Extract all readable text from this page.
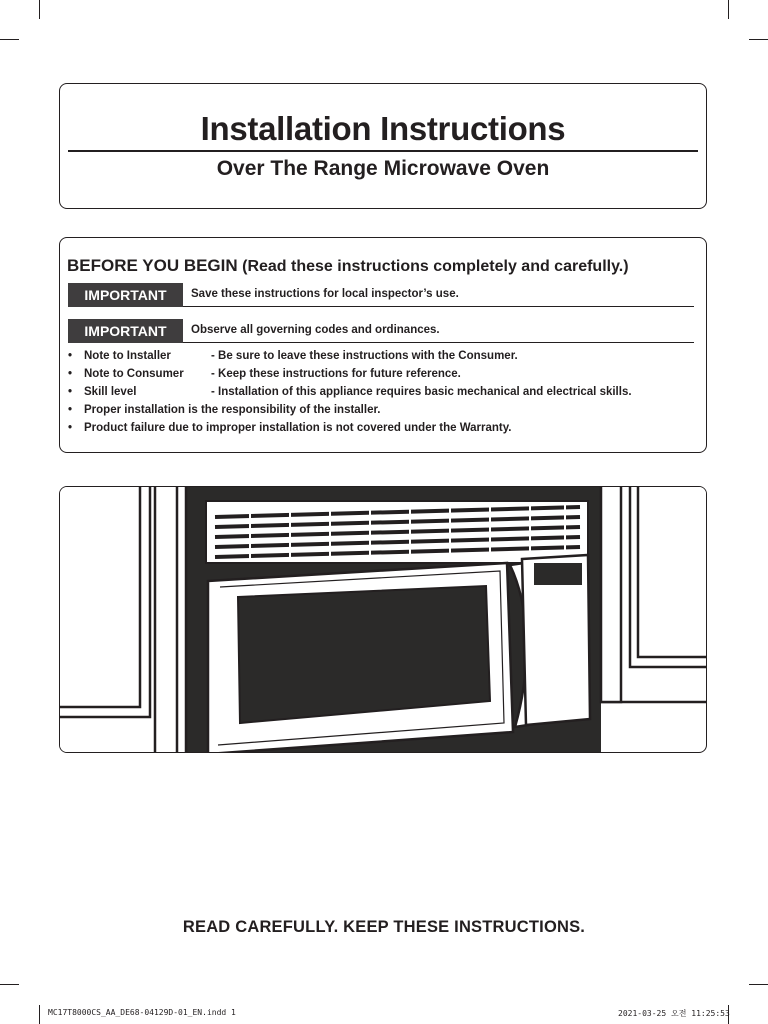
Installation Instructions
Over The Range Microwave Oven
BEFORE YOU BEGIN (Read these instructions completely and carefully.)
IMPORTANT	Save these instructions for local inspector’s use.
IMPORTANT	Observe all governing codes and ordinances.
• Note to Installer	- Be sure to leave these instructions with the Consumer.
• Note to Consumer - Keep these instructions for future reference.
• Skill level	- Installation of this appliance requires basic mechanical and electrical skills.
• Proper installation is the responsibility of the installer.
• Product failure due to improper installation is not covered under the Warranty.
READ CAREFULLY. KEEP THESE INSTRUCTIONS.
MC17T8000CS_AA_DE68-04129D-01_EN.indd 1	2021-03-25 오전 11:25:53
